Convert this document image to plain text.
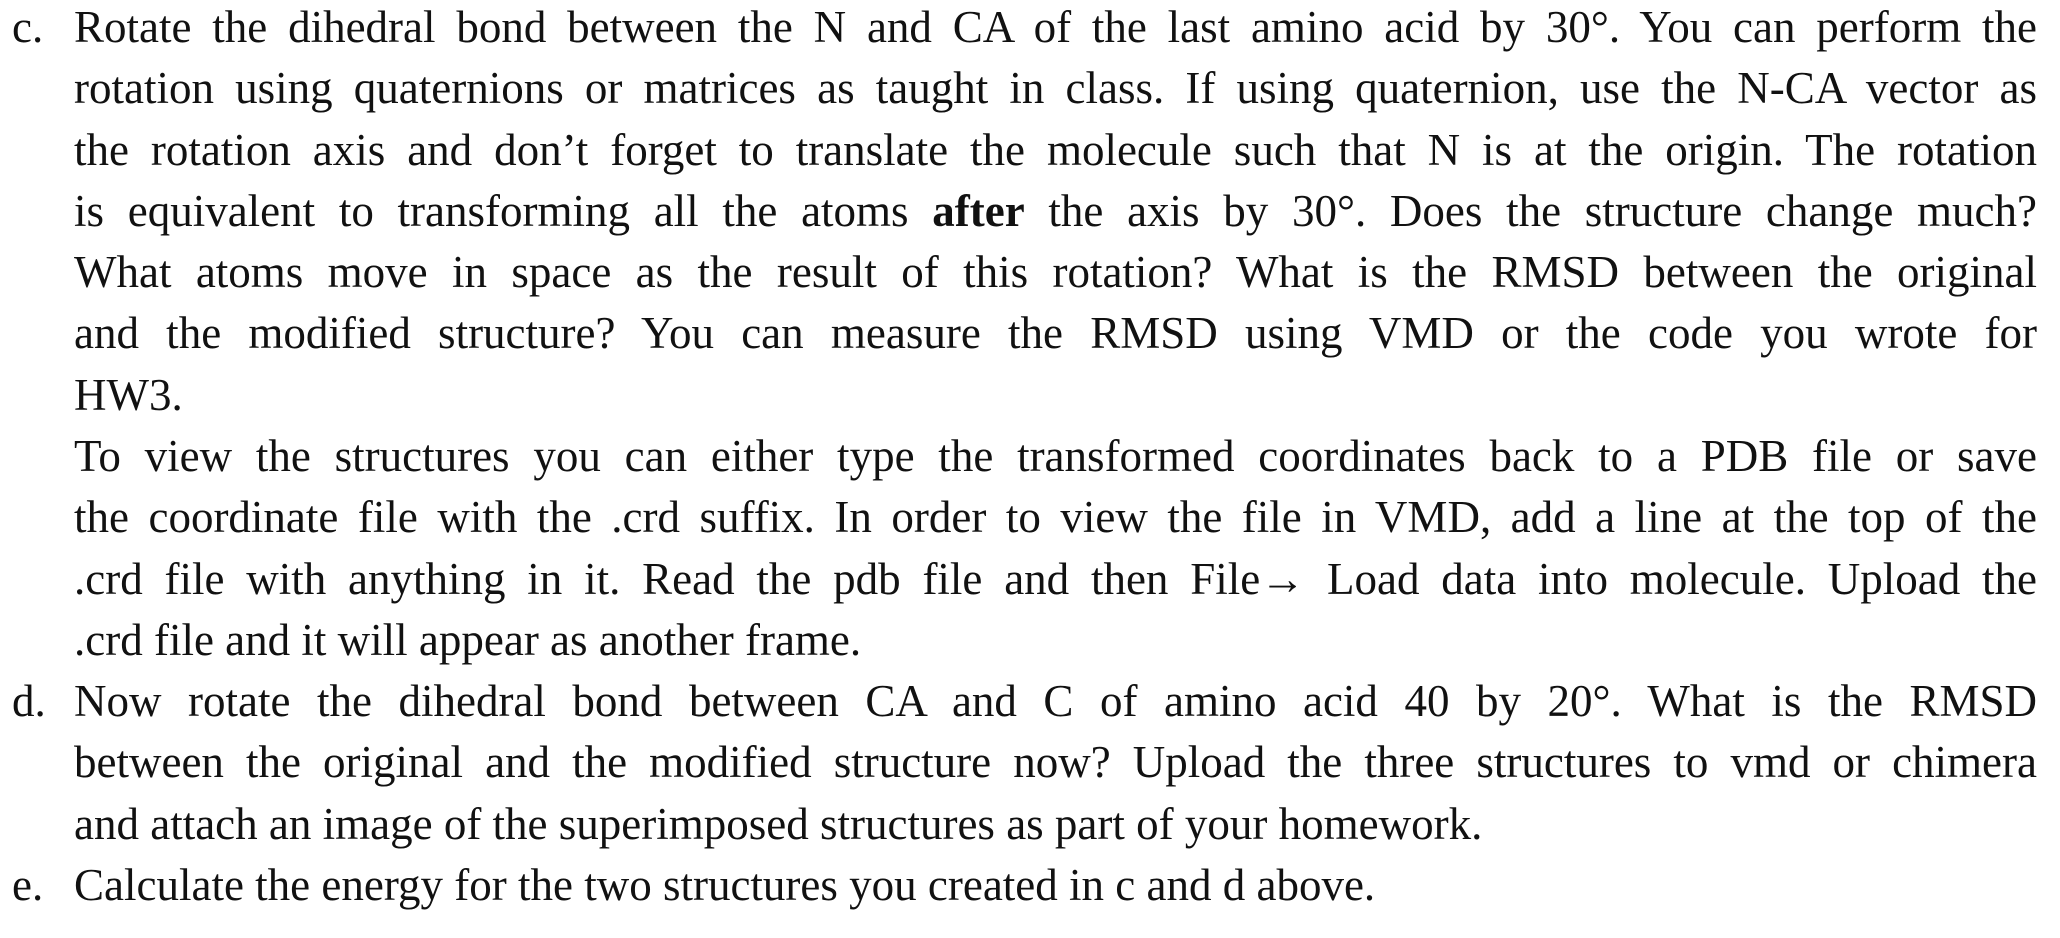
c. Rotate the dihedral bond between the N and CA of the last amino acid by 30°. You can perform the
rotation using quaternions or matrices as taught in class. If using quaternion, use the N-CA vector as
the rotation axis and don’t forget to translate the molecule such that N is at the origin. The rotation
is equivalent to transforming all the atoms after the axis by 30°. Does the structure change much?
What atoms move in space as the result of this rotation? What is the RMSD between the original
and the modified structure? You can measure the RMSD using VMD or the code you wrote for
HW3.
To view the structures you can either type the transformed coordinates back to a PDB file or save
the coordinate file with the .crd suffix. In order to view the file in VMD, add a line at the top of the
.crd file with anything in it. Read the pdb file and then File→ Load data into molecule. Upload the
.crd file and it will appear as another frame.
d. Now rotate the dihedral bond between CA and C of amino acid 40 by 20°. What is the RMSD
between the original and the modified structure now? Upload the three structures to vmd or chimera
and attach an image of the superimposed structures as part of your homework.
e. Calculate the energy for the two structures you created in c and d above.
